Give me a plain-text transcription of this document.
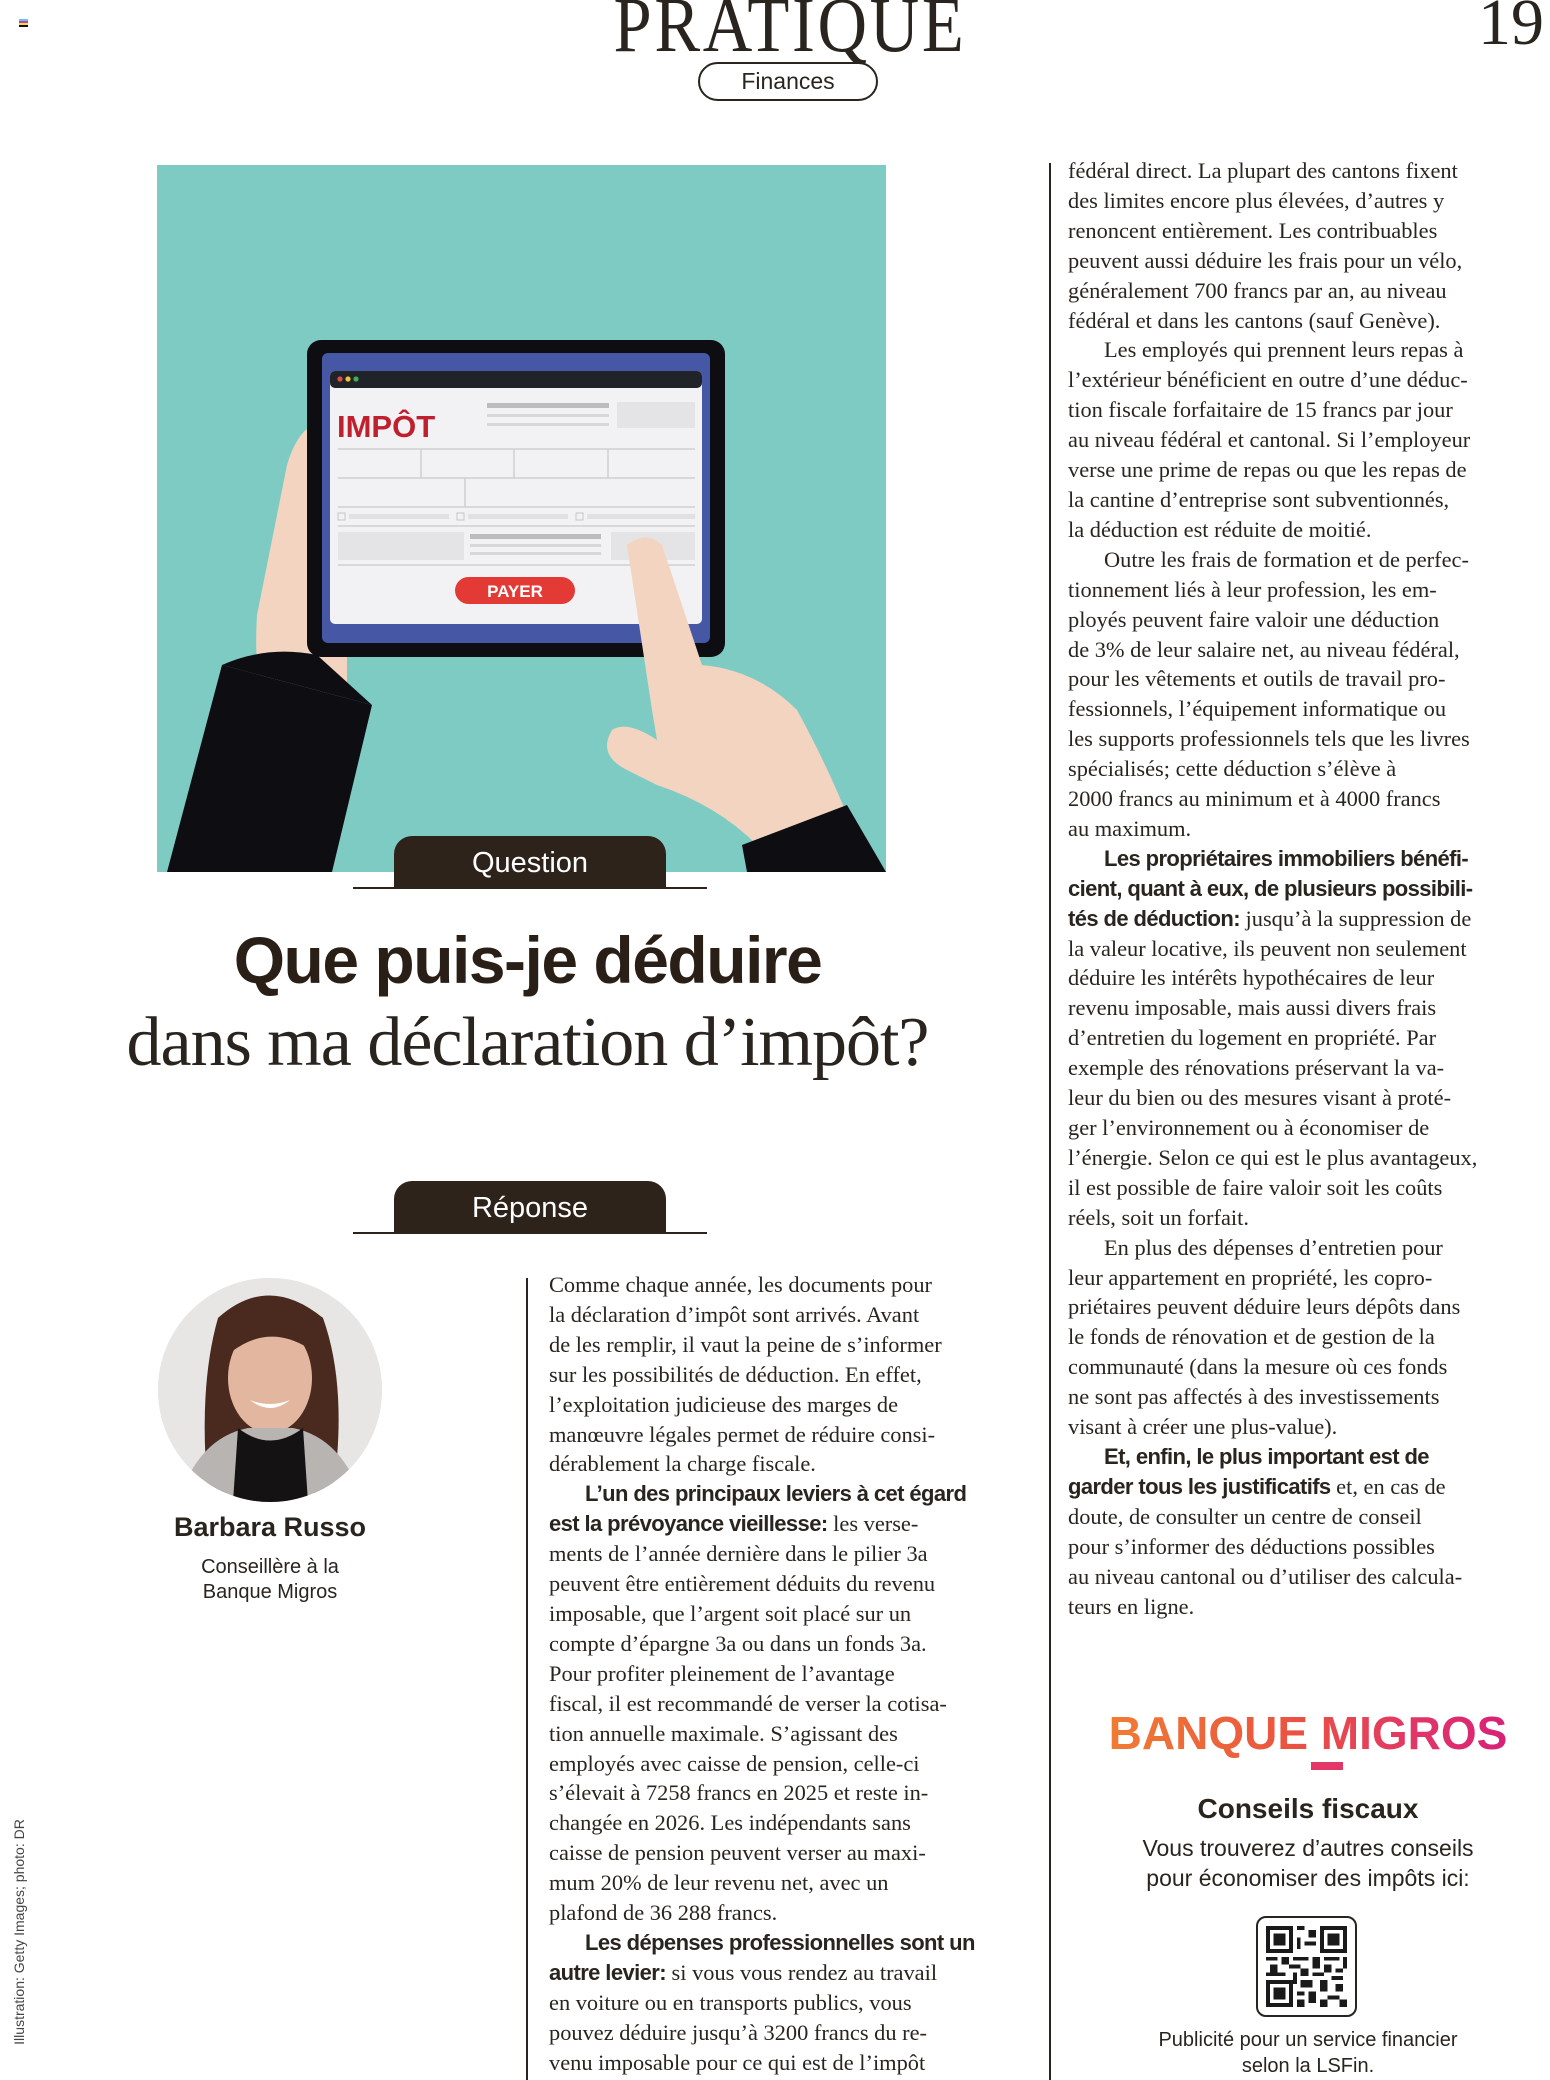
PRATIQUE	19
Finances
IMPÔT
PAYER
Question
Que puis-je déduire
dans ma déclaration d’impôt?
Réponse
Barbara Russo
Conseillère à la
Banque Migros

Comme chaque année, les documents pour
la déclaration d’impôt sont arrivés. Avant
de les remplir, il vaut la peine de s’informer
sur les possibilités de déduction. En effet,
l’exploitation judicieuse des marges de
manœuvre légales permet de réduire consi-
dérablement la charge fiscale.

L’un des principaux leviers à cet égard
est la prévoyance vieillesse: les verse-
ments de l’année dernière dans le pilier 3a
peuvent être entièrement déduits du revenu
imposable, que l’argent soit placé sur un
compte d’épargne 3a ou dans un fonds 3a.
Pour profiter pleinement de l’avantage
fiscal, il est recommandé de verser la cotisa-
tion annuelle maximale. S’agissant des
employés avec caisse de pension, celle-ci
s’élevait à 7258 francs en 2025 et reste in-
changée en 2026. Les indépendants sans
caisse de pension peuvent verser au maxi-
mum 20% de leur revenu net, avec un
plafond de 36 288 francs.

Les dépenses professionnelles sont un
autre levier: si vous vous rendez au travail
en voiture ou en transports publics, vous
pouvez déduire jusqu’à 3200 francs du re-
venu imposable pour ce qui est de l’impôt

fédéral direct. La plupart des cantons fixent
des limites encore plus élevées, d’autres y
renoncent entièrement. Les contribuables
peuvent aussi déduire les frais pour un vélo,
généralement 700 francs par an, au niveau
fédéral et dans les cantons (sauf Genève).

Les employés qui prennent leurs repas à
l’extérieur bénéficient en outre d’une déduc-
tion fiscale forfaitaire de 15 francs par jour
au niveau fédéral et cantonal. Si l’employeur
verse une prime de repas ou que les repas de
la cantine d’entreprise sont subventionnés,
la déduction est réduite de moitié.

Outre les frais de formation et de perfec-
tionnement liés à leur profession, les em-
ployés peuvent faire valoir une déduction
de 3% de leur salaire net, au niveau fédéral,
pour les vêtements et outils de travail pro-
fessionnels, l’équipement informatique ou
les supports professionnels tels que les livres
spécialisés; cette déduction s’élève à
2000 francs au minimum et à 4000 francs
au maximum.

Les propriétaires immobiliers bénéfi-
cient, quant à eux, de plusieurs possibili-
tés de déduction: jusqu’à la suppression de
la valeur locative, ils peuvent non seulement
déduire les intérêts hypothécaires de leur
revenu imposable, mais aussi divers frais
d’entretien du logement en propriété. Par
exemple des rénovations préservant la va-
leur du bien ou des mesures visant à proté-
ger l’environnement ou à économiser de
l’énergie. Selon ce qui est le plus avantageux,
il est possible de faire valoir soit les coûts
réels, soit un forfait.

En plus des dépenses d’entretien pour
leur appartement en propriété, les copro-
priétaires peuvent déduire leurs dépôts dans
le fonds de rénovation et de gestion de la
communauté (dans la mesure où ces fonds
ne sont pas affectés à des investissements
visant à créer une plus-value).

Et, enfin, le plus important est de
garder tous les justificatifs et, en cas de
doute, de consulter un centre de conseil
pour s’informer des déductions possibles
au niveau cantonal ou d’utiliser des calcula-
teurs en ligne.

BANQUE MIGROS
Conseils fiscaux
Vous trouverez d’autres conseils
pour économiser des impôts ici:
Publicité pour un service financier
selon la LSFin.
Illustration: Getty Images; photo: DR
